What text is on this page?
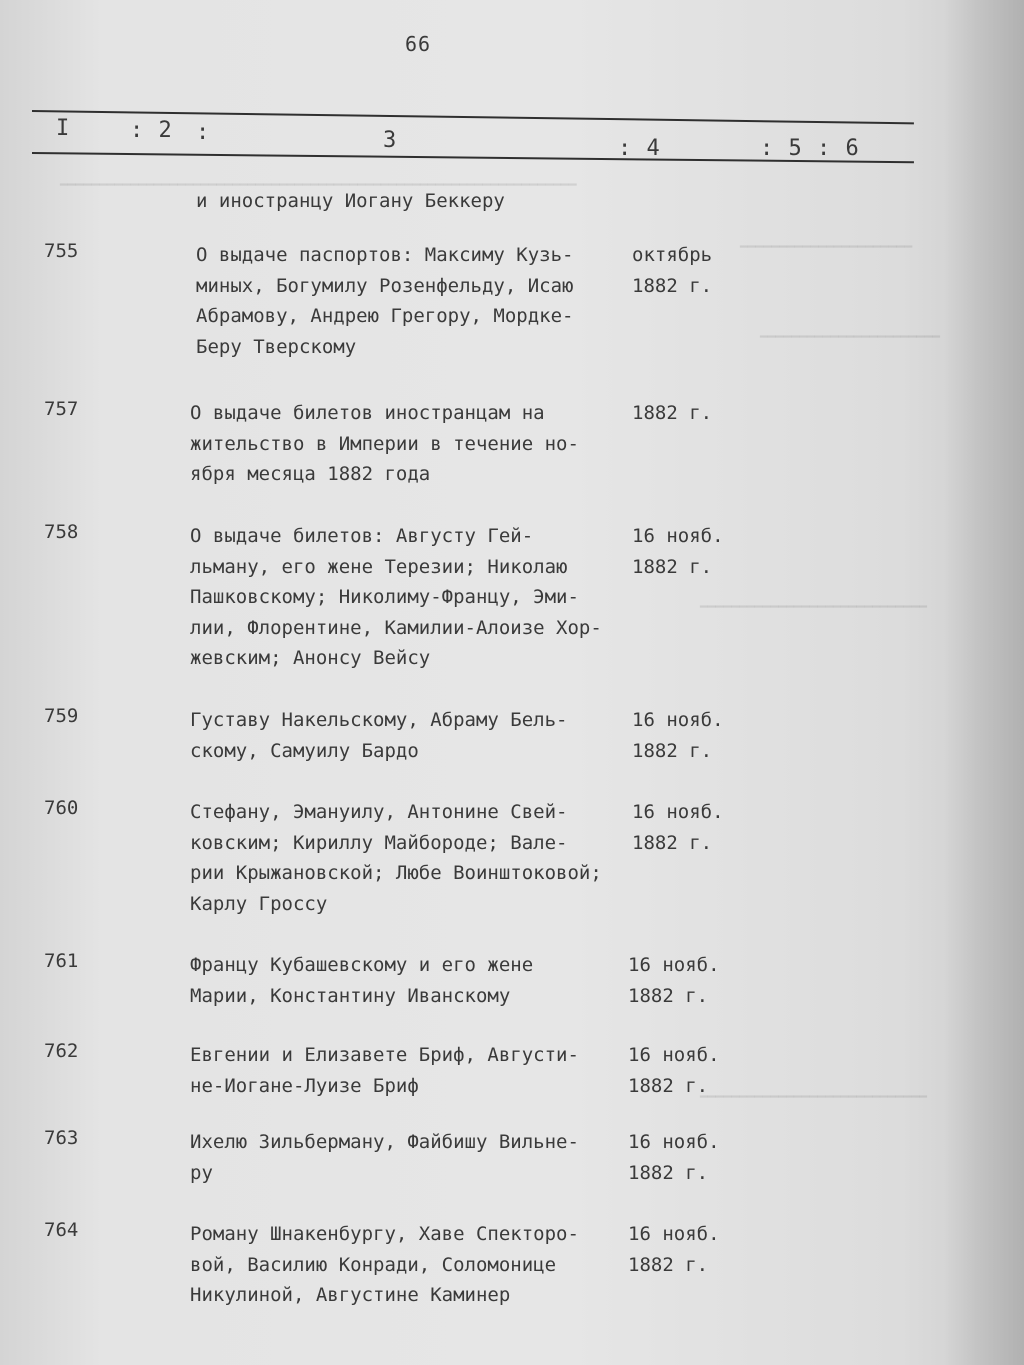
━━━━━━━━━━━━━━━━━━━━━━━━━━━━━━━━━━━━━━━━━━━━━━━━━━━━━━━━━━━━━━━━━━
━━━━━━━━━━━━━━━━━━━━━━
━━━━━━━━━━━━━━━━━━━━━━━
━━━━━━━━━━━━━━━━━━━━━━━━━━━━━
━━━━━━━━━━━━━━━━━━━━━━━━━━━━━
66
I	: 2 :	3	: 4	: 5 : 6
и иностранцу Иогану Беккеру
755	О выдаче паспортов: Максиму Кузь-
миных, Богумилу Розенфельду, Исаю
Абрамову, Андрею Грегору, Мордке-
Беру Тверскому
октябрь
1882 г.
757	О выдаче билетов иностранцам на
жительство в Империи в течение но-
ября месяца 1882 года
1882 г.
758	О выдаче билетов: Августу Гей-
льману, его жене Терезии; Николаю
Пашковскому; Николиму-Францу, Эми-
лии, Флорентине, Камилии-Алоизе Хор-
жевским; Анонсу Вейсу
16 нояб.
1882 г.
759	Густаву Накельскому, Абраму Бель-
скому, Самуилу Бардо
16 нояб.
1882 г.
760	Стефану, Эмануилу, Антонине Свей-
ковским; Кириллу Майбороде; Вале-
рии Крыжановской; Любе Воинштоковой;
Карлу Гроссу
16 нояб.
1882 г.
761	Францу Кубашевскому и его жене
Марии, Константину Иванскому
16 нояб.
1882 г.
762	Евгении и Елизавете Бриф, Августи-
не-Иогане-Луизе Бриф
16 нояб.
1882 г.
763	Ихелю Зильберману, Файбишу Вильне-
ру
16 нояб.
1882 г.
764	Роману Шнакенбургу, Хаве Спекторо-
вой, Василию Конради, Соломонице
Никулиной, Августине Каминер
16 нояб.
1882 г.
